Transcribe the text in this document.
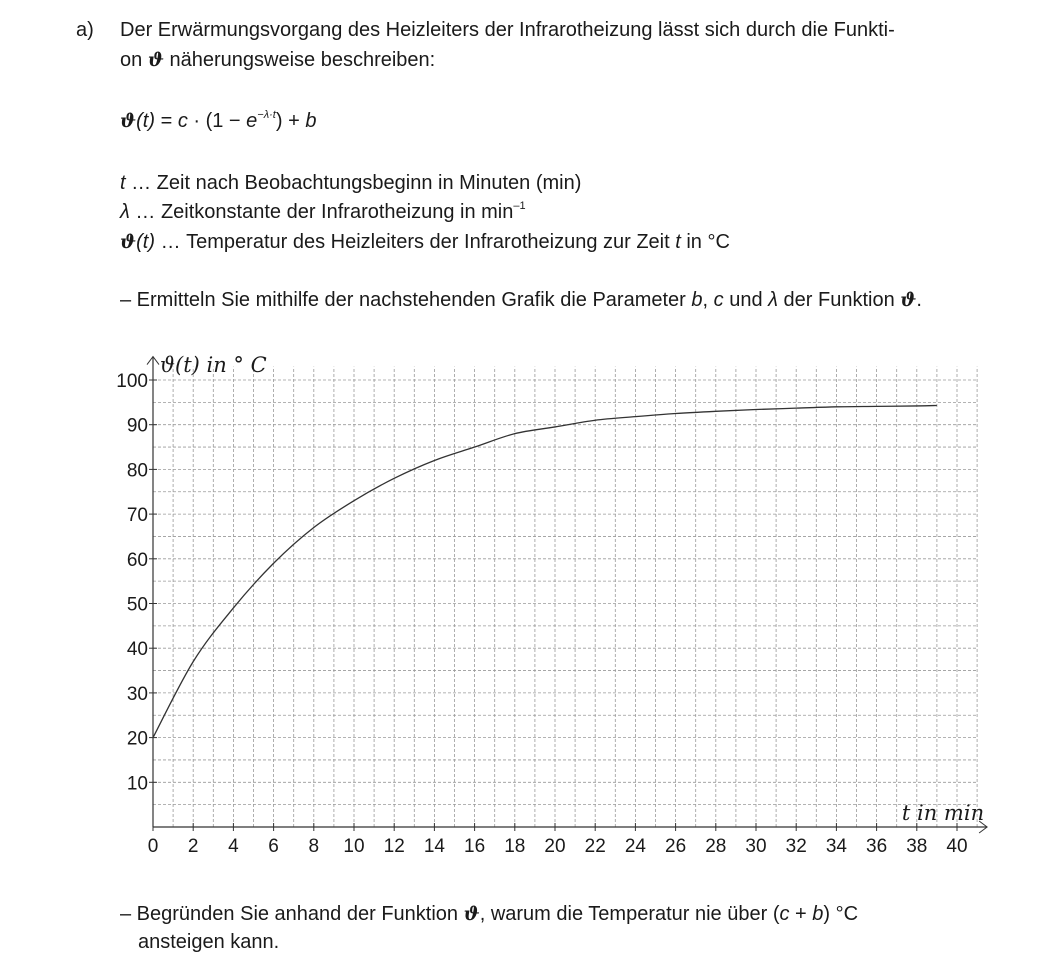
a) Der Erwärmungsvorgang des Heizleiters der Infrarotheizung lässt sich durch die Funkti-
on ϑ näherungsweise beschreiben:
$ϑ(t) = c \cdot (1 - e^{-\lambda\cdot t}) + b$
t … Zeit nach Beobachtungsbeginn in Minuten (min)
λ … Zeitkonstante der Infrarotheizung in $\min^{-1}$
ϑ(t) … Temperatur des Heizleiters der Infrarotheizung zur Zeit t in °C
– Ermitteln Sie mithilfe der nachstehenden Grafik die Parameter b, c und λ der Funktion ϑ.
0 2 4 6 8 10 12 14 16 18 20 22 24 26 28 30 32 34 36 38 40
10
20
30
40
50
60
70
80
90
100
ϑ(t) in ° C
t in min
– Begründen Sie anhand der Funktion ϑ, warum die Temperatur nie über (c + b) °C
ansteigen kann.
